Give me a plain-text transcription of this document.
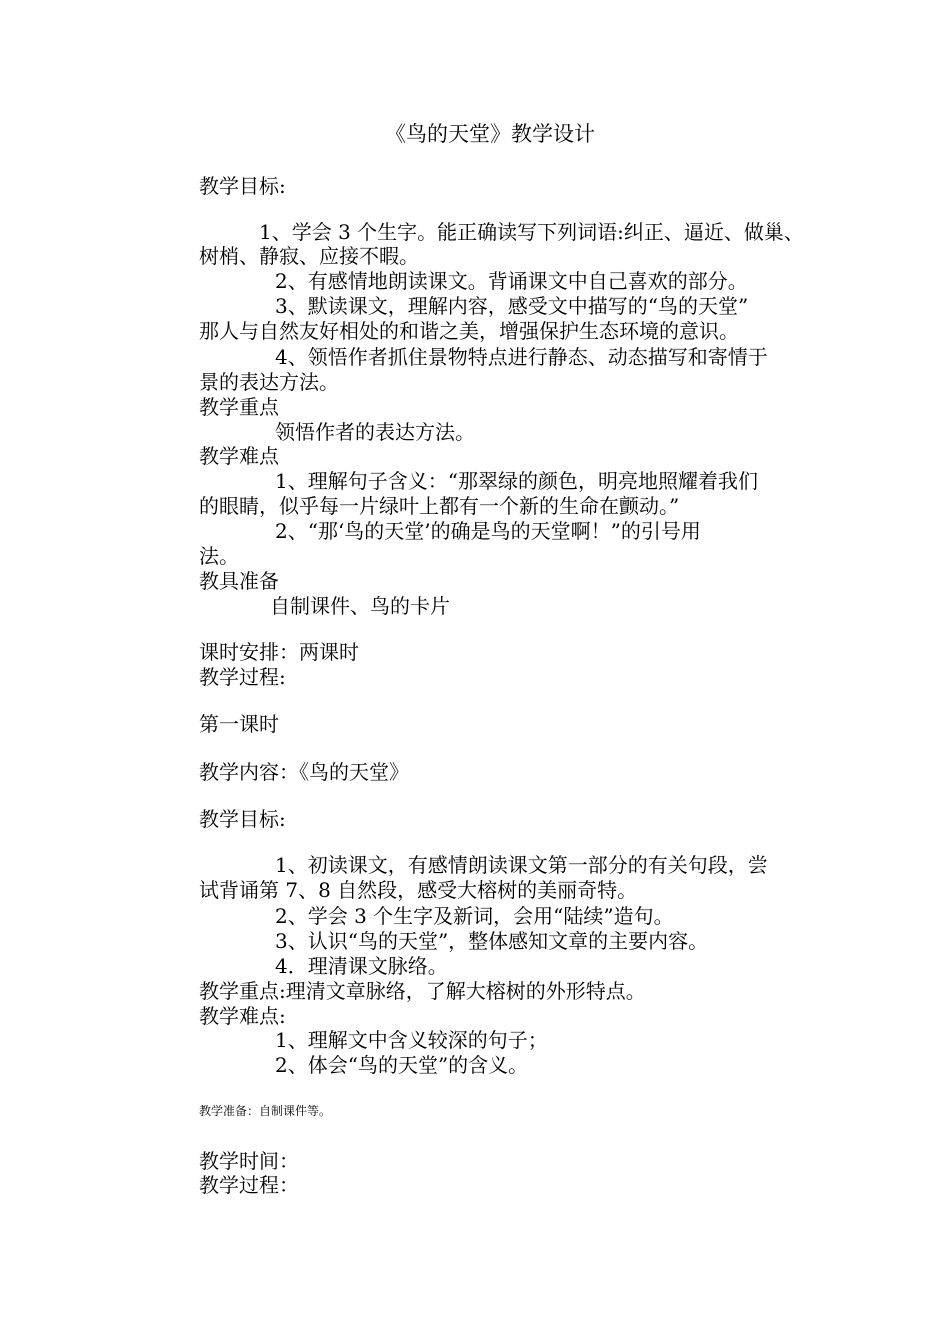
《鸟的天堂》教学设计
教学目标:
1、学会 3 个生字。能正确读写下列词语:纠正、逼近、做巢、
树梢、静寂、应接不暇。
2、有感情地朗读课文。背诵课文中自己喜欢的部分。
3、默读课文，理解内容，感受文中描写的“鸟的天堂”
那人与自然友好相处的和谐之美，增强保护生态环境的意识。
4、领悟作者抓住景物特点进行静态、动态描写和寄情于
景的表达方法。
教学重点
领悟作者的表达方法。
教学难点
1、理解句子含义：“那翠绿的颜色，明亮地照耀着我们
的眼睛，似乎每一片绿叶上都有一个新的生命在颤动。”
2、“那‘鸟的天堂’的确是鸟的天堂啊！”的引号用
法。
教具准备
自制课件、鸟的卡片
课时安排：两课时
教学过程:
第一课时
教学内容：《鸟的天堂》
教学目标:
1、初读课文，有感情朗读课文第一部分的有关句段，尝
试背诵第 7、8 自然段，感受大榕树的美丽奇特。
2、学会 3 个生字及新词，会用“陆续”造句。
3、认识“鸟的天堂”，整体感知文章的主要内容。
4．理清课文脉络。
教学重点:理清文章脉络，了解大榕树的外形特点。
教学难点:
1、理解文中含义较深的句子；
2、体会“鸟的天堂”的含义。
教学准备：自制课件等。
教学时间：
教学过程：
